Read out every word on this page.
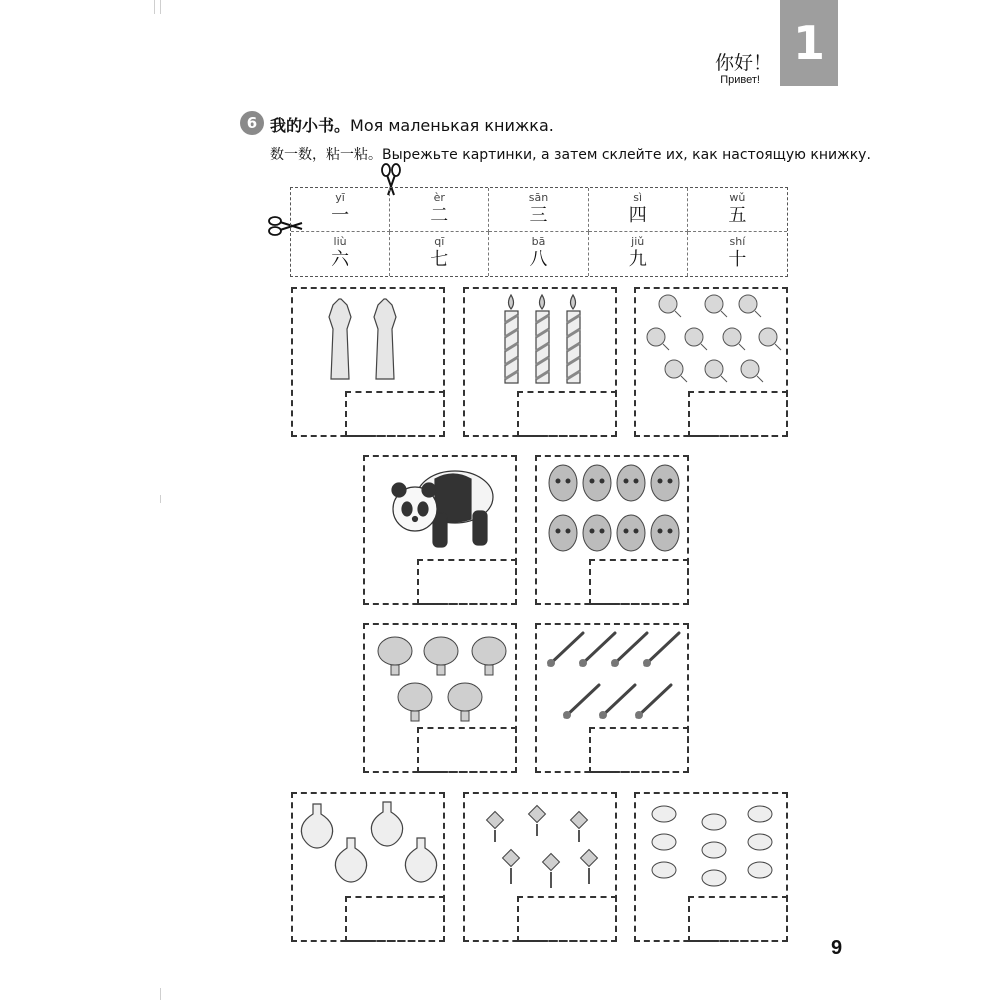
1
你好！
Привет!
6 我的小书。Моя маленькая книжка.
数一数，粘一粘。Вырежьте картинки, а затем склейте их, как настоящую книжку.
yī
一
èr
二
sān
三
sì
四
wǔ
五
liù
六
qī
七
bā
八
jiǔ
九
shí
十
9
